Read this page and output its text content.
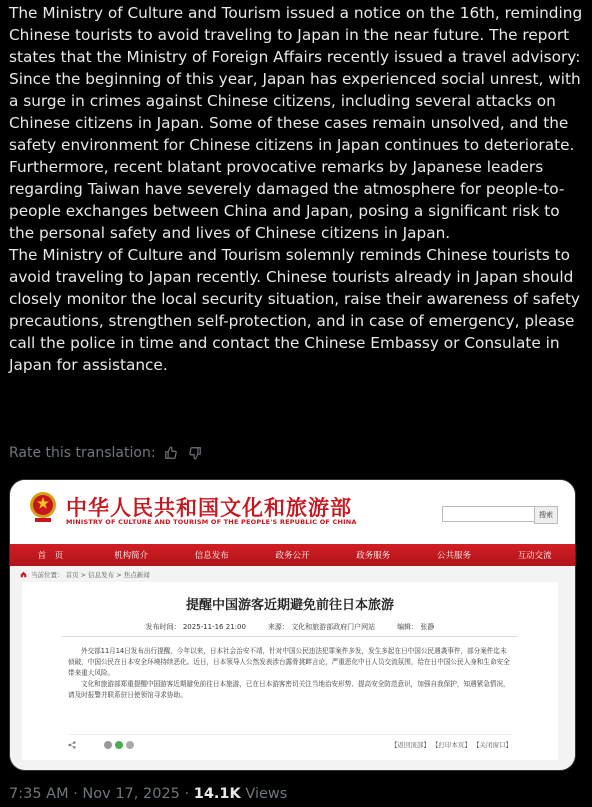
The Ministry of Culture and Tourism issued a notice on the 16th, reminding Chinese tourists to avoid traveling to Japan in the near future. The report states that the Ministry of Foreign Affairs recently issued a travel advisory: Since the beginning of this year, Japan has experienced social unrest, with a surge in crimes against Chinese citizens, including several attacks on Chinese citizens in Japan. Some of these cases remain unsolved, and the safety environment for Chinese citizens in Japan continues to deteriorate. Furthermore, recent blatant provocative remarks by Japanese leaders regarding Taiwan have severely damaged the atmosphere for people-to-people exchanges between China and Japan, posing a significant risk to the personal safety and lives of Chinese citizens in Japan.

The Ministry of Culture and Tourism solemnly reminds Chinese tourists to avoid traveling to Japan recently. Chinese tourists already in Japan should closely monitor the local security situation, raise their awareness of safety precautions, strengthen self-protection, and in case of emergency, please call the police in time and contact the Chinese Embassy or Consulate in Japan for assistance.

Rate this translation:
中华人民共和国文化和旅游部
MINISTRY OF CULTURE AND TOURISM OF THE PEOPLE'S REPUBLIC OF CHINA
搜索
首　页	机构简介	信息发布	政务公开	政务服务	公共服务	互动交流
当前位置： 首页 > 信息发布 > 焦点新闻
提醒中国游客近期避免前往日本旅游
发布时间： 2025-11-16 21:00	来源： 文化和旅游部政府门户网站	编辑： 张静

外交部11月14日发布出行提醒，今年以来，日本社会治安不靖，针对中国公民违法犯罪案件多发，发生多起在日中国公民遇袭事件，部分案件迄未侦破，中国公民在日本安全环境持续恶化。近日，日本领导人公然发表涉台露骨挑衅言论，严重恶化中日人员交流氛围，给在日中国公民人身和生命安全带来重大风险。

文化和旅游部郑重提醒中国游客近期避免前往日本旅游，已在日本游客密切关注当地治安形势、提高安全防范意识，加强自我保护，知遇紧急情况，请及时报警并联系驻日使领馆寻求协助。

【返回顶部】 【打印本页】 【关闭窗口】
7:35 AM · Nov 17, 2025 · 14.1K Views
